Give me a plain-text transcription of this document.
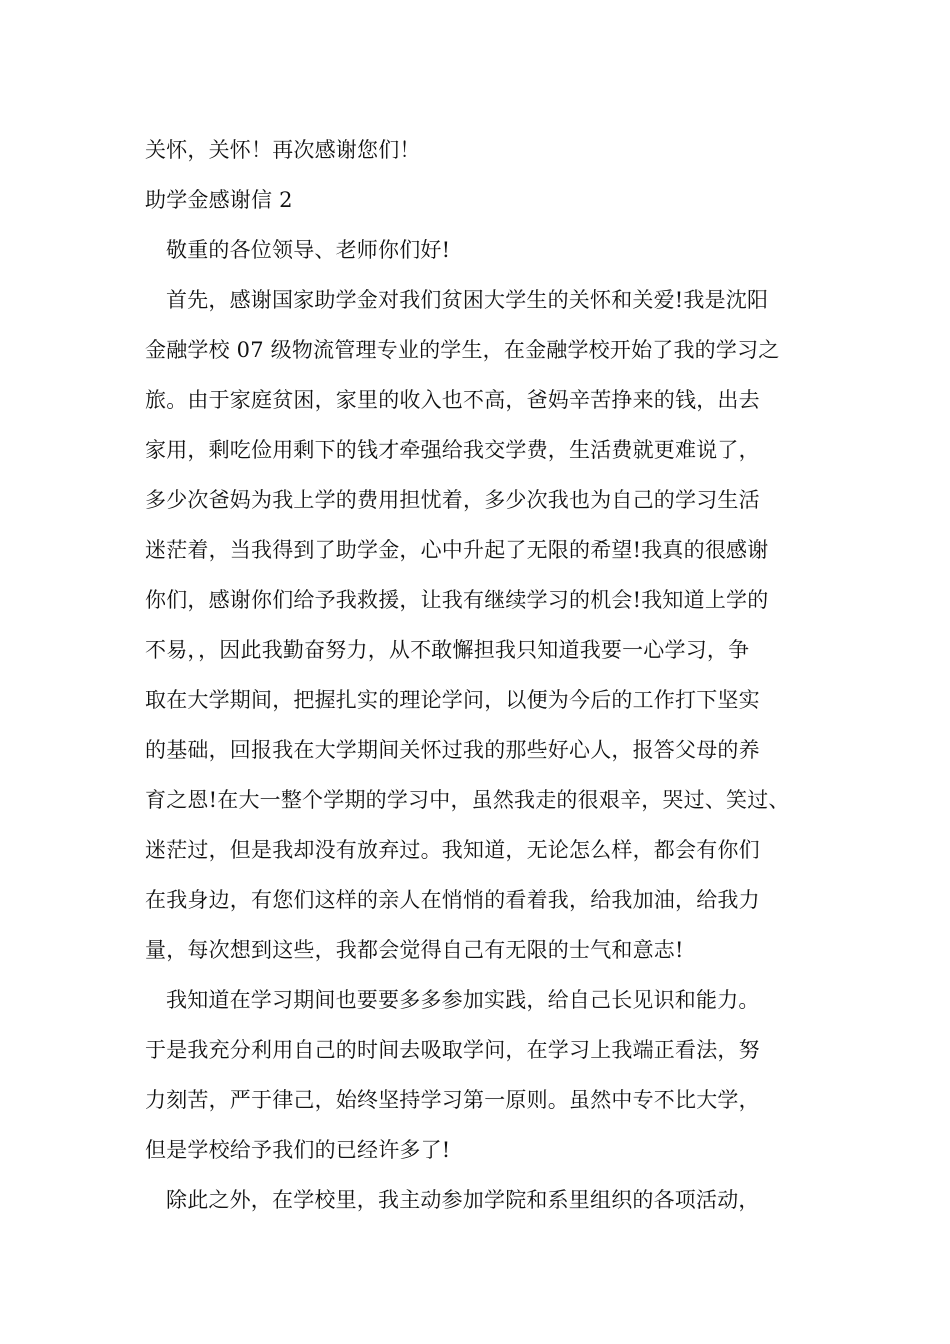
关怀，关怀！再次感谢您们！
助学金感谢信 2
敬重的各位领导、老师你们好!
首先，感谢国家助学金对我们贫困大学生的关怀和关爱!我是沈阳
金融学校 07 级物流管理专业的学生，在金融学校开始了我的学习之
旅。由于家庭贫困，家里的收入也不高，爸妈辛苦挣来的钱，出去
家用，剩吃俭用剩下的钱才牵强给我交学费，生活费就更难说了，
多少次爸妈为我上学的费用担忧着，多少次我也为自己的学习生活
迷茫着，当我得到了助学金，心中升起了无限的希望!我真的很感谢
你们，感谢你们给予我救援，让我有继续学习的机会!我知道上学的
不易，，因此我勤奋努力，从不敢懈担我只知道我要一心学习，争
取在大学期间，把握扎实的理论学问，以便为今后的工作打下坚实
的基础，回报我在大学期间关怀过我的那些好心人，报答父母的养
育之恩!在大一整个学期的学习中，虽然我走的很艰辛，哭过、笑过、
迷茫过，但是我却没有放弃过。我知道，无论怎么样，都会有你们
在我身边，有您们这样的亲人在悄悄的看着我，给我加油，给我力
量，每次想到这些，我都会觉得自己有无限的士气和意志!
我知道在学习期间也要要多多参加实践，给自己长见识和能力。
于是我充分利用自己的时间去吸取学问，在学习上我端正看法，努
力刻苦，严于律己，始终坚持学习第一原则。虽然中专不比大学，
但是学校给予我们的已经许多了!
除此之外，在学校里，我主动参加学院和系里组织的各项活动，
